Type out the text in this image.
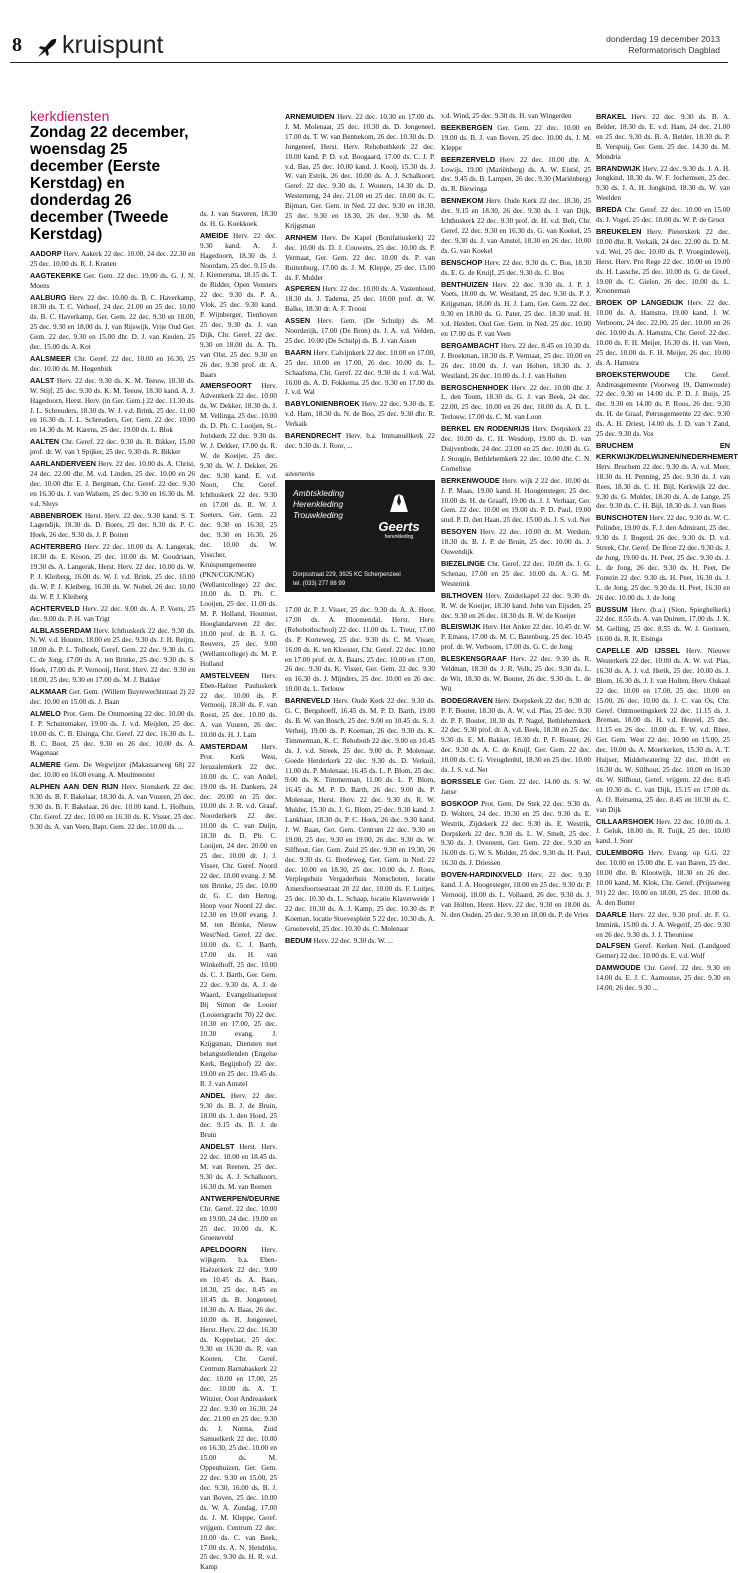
8 kruispunt	donderdag 19 december 2013
Reformatorisch Dagblad
kerkdiensten
Zondag 22 december, woensdag 25 december (Eerste Kerstdag) en donderdag 26 december (Tweede Kerstdag)

AADORP Herv. Aakerk 22 dec. 10.00, 24 dec. 22.30 en 25 dec. 10.00 ds. R. J. Kranen

AAGTEKERKE Ger. Gem. 22 dec. 19.00 ds. G. J. N. Moens

AALBURG Herv. 22 dec. 10.00 ds. B. C. Haverkamp, 18.30 ds. T. C. Verhoef, 24 dec. 21.00 en 25 dec. 10.00 ds. B. C. Haverkamp, Ger. Gem. 22 dec. 9.30 en 18.00, 25 dec. 9.30 en 18.00 ds. J. van Rijswijk, Vrije Oud Ger. Gem. 22 dec. 9.30 en 15.00 dhr. D. J. van Keulen, 25 dec. 15.00 ds. A. Kot

AALSMEER Chr. Geref. 22 dec. 10.00 en 16.30, 25 dec. 10.00 ds. M. Hogenbirk

AALST Herv. 22 dec. 9.30 ds. K. M. Teeuw, 18.30 ds. W. Stijf, 25 dec. 9.30 ds. K. M. Teeuw, 18.30 kand. A. J. Hagedoorn, Herst. Herv. (in Ger. Gem.) 22 dec. 11.30 ds. J. L. Schreuders, 18.30 ds. W. J. v.d. Brink, 25 dec. 11.00 en 16.30 ds. J. L. Schreuders, Ger. Gem. 22 dec. 10.00 en 14.30 ds. M. Karens, 25 dec. 19.00 ds. L. Blok

AALTEN Chr. Geref. 22 dec. 9.30 ds. R. Bikker, 15.00 prof. dr. W. van 't Spijker, 25 dec. 9.30 ds. R. Bikker

AARLANDERVEEN Herv. 22 dec. 10.00 ds. A. Christ, 24 dec. 22.00 dhr. M. v.d. Linden, 25 dec. 10.00 en 26 dec. 10.00 dhr. E. J. Bergman, Chr. Geref. 22 dec. 9.30 en 16.30 ds. J. van Walsem, 25 dec. 9.30 en 16.30 ds. M. v.d. Sluys

ABBENBROEK Herst. Herv. 22 dec. 9.30 kand. S. T. Lagendijk, 18.30 ds. D. Boers, 25 dec. 9.30 ds. P. C. Hoek, 26 dec. 9.30 ds. J. P. Boiten

ACHTERBERG Herv. 22 dec. 10.00 ds. A. Langerak, 18.30 ds. E. Kroon, 25 dec. 10.00 ds. M. Goudriaan, 19.30 ds. A. Langerak, Herst. Herv. 22 dec. 10.00 ds. W. P. J. Kleiberg, 16.00 ds. W. J. v.d. Brink, 25 dec. 10.00 ds. W. P. J. Kleiberg, 16.30 ds. W. Nobel, 26 dec. 10.00 ds. W. P. J. Kleiberg

ACHTERVELD Herv. 22 dec. 9.00 ds. A. P. Voets, 25 dec. 9.00 ds. P. H. van Trigt

ALBLASSERDAM Herv. Ichthuskerk 22 dec. 9.30 ds. N. W. v.d. Houten, 18.00 en 25 dec. 9.30 ds. J. H. Reijm, 18.00 ds. P. L. Tolhoek, Geref. Gem. 22 dec. 9.30 ds. G. C. de Jong, 17.00 ds. A. ten Brinke, 25 dec. 9.30 ds. S. Hoek, 17.00 ds. P. Vernooij, Herst. Herv. 22 dec. 9.30 en 18.00, 25 dec. 9.30 en 17.00 ds. M. J. Bakker

ALKMAAR Ger. Gem. (Willem Buytewechtstraat 2) 22 dec. 10.00 en 15.00 ds. J. Baan

ALMELO Prot. Gem. De Ontmoeting 22 dec. 10.00 ds. J. P. Schuitemaker, 19.00 ds. J. v.d. Meijden, 25 dec. 10.00 ds. C. B. Elsinga, Chr. Geref. 22 dec. 16.30 ds. L. B. C. Boot, 25 dec. 9.30 en 26 dec. 10.00 ds. A. Wagenaar

ALMERE Gem. De Wegwijzer (Makassarweg 68) 22 dec. 10.00 en 16.00 evang. A. Meulmeester

ALPHEN AAN DEN RIJN Herv. Sionskerk 22 dec. 9.30 ds. B. F. Bakelaar, 18.30 ds. A. van Vuuren, 25 dec. 9.30 ds. B. F. Bakelaar, 26 dec. 10.00 kand. L. Hofhuis, Chr. Geref. 22 dec. 10.00 en 16.30 ds. K. Visser, 25 dec. 9.30 ds. A. van Veen, Bapt. Gem. 22 dec. 10.00 ds. ...

ds. J. van Staveren, 18.30 ds. H. G. Koekkoek

AMEIDE Herv. 22 dec. 9.30 kand. A. J. Hagedoorn, 18.30 ds. J. Noordam, 25 dec. 9.15 ds. J. Kiemersma, 18.15 ds. T. de Ridder, Open Vensters 22 dec. 9.30 ds. P. A. Vlok, 25 dec. 9.30 kand. P. Wijnberger, Tienhoven 25 dec. 9.30 ds. J. van Dijk, Chr. Geref. 22 dec. 9.30 en 18.00 ds. A. Th. van Olst, 25 dec. 9.30 en 26 dec. 9.30 prof. dr. A. Baars

AMERSFOORT Herv. Adventkerk 22 dec. 10.00 ds. W. Dekker, 18.30 ds. J. M. Vellinga, 25 dec. 10.00 ds. D. Ph. C. Looijen, St.-Joriskerk 22 dec. 9.30 ds. W. J. Dekker, 17.00 ds. R. W. de Koeijer, 25 dec. 9.30 ds. W. J. Dekker, 26 dec. 9.30 kand. E. v.d. Noort, Chr. Geref. Ichthuskerk 22 dec. 9.30 en 17.00 ds. R. W. J. Soeters, Ger. Gem. 22 dec. 9.30 en 16.30, 25 dec. 9.30 en 16.30, 26 dec. 10.00 ds. W. Visscher, Kruispuntgemeente (PKN/CGK/NGK) (Wellantcollege) 22 dec. 10.00 ds. D. Ph. C. Looijen, 25 dec. 11.00 ds. M. P. Holland, Houtrust, Hooglandarveen 22 dec. 10.00 prof. dr. B. J. G. Reuvers, 25 dec. 9.00 (Wellantcollege) ds. M. P. Holland

AMSTELVEEN Herv. Eben-Haëzer Pauluskerk 22 dec. 10.00 ds. P. Vernooij, 18.30 ds. F. van Roest, 25 dec. 10.00 ds. A. van Vuuren, 26 dec. 10.00 ds. H. J. Lam

AMSTERDAM Herv. Prot. Kerk West, Jeruzalemkerk 22 dec. 10.00 ds. C. van Andel, 19.00 ds. H. Dankers, 24 dec. 20.00 en 25 dec. 10.00 ds. J. R. v.d. Graaf, Noorderkerk 22 dec. 10.00 ds. C. van Duijn, 18.30 ds. D. Ph. C. Looijen, 24 dec. 20.00 en 25 dec. 10.00 dr. J. J. Visser, Chr. Geref. Noord 22 dec. 10.00 evang. J. M. ten Brinke, 25 dec. 10.00 dr. G. C. den Hertog, Hoop voor Noord 22 dec. 12.30 en 19.00 evang. J. M. ten Brinke, Nieuw West/Ned. Geref. 22 dec. 10.00 ds. C. J. Barth, 17.00 ds. H. van Winkelhoff, 25 dec. 10.00 ds. C. J. Barth, Ger. Gem. 22 dec. 9.30 ds. A. J. de Waard, Evangelisatiepost Bij Simon de Looier (Looiersgracht 70) 22 dec. 10.30 en 17.00, 25 dec. 10.30 evang. J. Krijgsman, Diensten met belangstellenden (Engelse Kerk, Begijnhof) 22 dec. 19.00 en 25 dec. 19.45 ds. R. J. van Amstel

ANDEL Herv. 22 dec. 9.30 ds. B. J. de Bruin, 18.00 ds. J. den Hoed, 25 dec. 9.15 ds. B. J. de Bruin

ANDELST Herst. Herv. 22 dec. 10.00 en 18.45 ds. M. van Reenen, 25 dec. 9.30 ds. A. J. Schalkoort, 16.30 ds. M. van Reenen

ANTWERPEN/DEURNE Chr. Geref. 22 dec. 10.00 en 19.00, 24 dec. 19.00 en 25 dec. 10.00 ds. K. Groeneveld

APELDOORN Herv. wijkgem. b.a. Eben-Haëzerkerk 22 dec. 9.00 en 10.45 ds. A. Baas, 18.30, 25 dec. 8.45 en 10.45 ds. B. Jongeneel, 18.30 ds. A. Baas, 26 dec. 10.00 ds. B. Jongeneel, Herst. Herv. 22 dec. 16.30 ds. Koppelaar, 25 dec. 9.30 en 16.30 ds. R. van Kooten, Chr. Geref. Centrum Barnabaskerk 22 dec. 10.00 en 17.00, 25 dec. 10.00 ds. A. T. Witzier, Oost Andreaskerk 22 dec. 9.30 en 16.30, 24 dec. 21.00 en 25 dec. 9.30 ds. J. Nutma, Zuid Samuelkerk 22 dec. 10.00 en 16.30, 25 dec. 10.00 en 15.00 ds. M. Oppenhuizen, Ger. Gem. 22 dec. 9.30 en 15.00, 25 dec. 9.30, 16.00 ds. B. J. van Boven, 25 dec. 10.00 ds. W. A. Zondag, 17.00 ds. J. M. Kleppe, Geref. vrijgem. Centrum 22 dec. 10.00 ds. C. van Beek, 17.00 ds. A. N. Hendriks, 25 dec. 9.30 ds. H. R. v.d. Kamp

ARNEMUIDEN Herv. 22 dec. 10.30 en 17.00 ds. J. M. Molenaar, 25 dec. 10.30 ds. D. Jongeneel, 17.00 ds. T. W. van Bennekom, 26 dec. 10.30 ds. D. Jongeneel, Herst. Herv. Rehobothkerk 22 dec. 10.00 kand. P. D. v.d. Boogaard, 17.00 ds. C. J. P. v.d. Bas, 25 dec. 10.00 kand. J. Kooij, 15.30 ds. J. W. van Estrik, 26 dec. 10.00 ds. A. J. Schalkoort, Geref. 22 dec. 9.30 ds. J. Wouters, 14.30 ds. D. Westerneng, 24 dec. 21.00 en 25 dec. 10.00 ds. C. Bijman, Ger. Gem. in Ned. 22 dec. 9.30 en 18.30, 25 dec. 9.30 en 18.30, 26 dec. 9.30 ds. M. Krijgsman

ARNHEM Herv. De Kapel (Bonifatiuskerk) 22 dec. 10.00 ds. D. J. Couwens, 25 dec. 10.00 ds. P. Vermaat, Ger. Gem. 22 dec. 10.00 ds. P. van Ruitenburg, 17.00 ds. J. M. Kleppe, 25 dec. 15.00 ds. F. Mulder

ASPEREN Herv. 22 dec. 10.00 ds. A. Vastenhoud, 18.30 ds. J. Tadema, 25 dec. 10.00 prof. dr. W. Balke, 18.30 dr. A. F. Troost

ASSEN Herv. Gem. (De Schulp) ds. M. Noorderijk, 17.00 (De Bron) ds. J. A. v.d. Velden, 25 dec. 10.00 (De Schulp) ds. B. J. van Assen

BAARN Herv. Calvijnkerk 22 dec. 10.00 en 17.00, 25 dec. 10.00 en 17.00, 26 dec. 10.00 ds. L. Schaafsma, Chr. Geref. 22 dec. 9.30 ds. J. v.d. Wal, 16.00 ds. A. D. Fokkema, 25 dec. 9.30 en 17.00 ds. J. v.d. Wal

BABYLONIENBROEK Herv. 22 dec. 9.30 ds. E. v.d. Ham, 18.30 ds. N. de Boo, 25 dec. 9.30 dhr. R. Verkaik

BARENDRECHT Herv. b.a. Immanuëlkerk 22 dec. 9.30 ds. J. Roor, ...

advertentie
Ambtskleding
Herenkleding
Trouwkleding
Geerts
herenkleding
Dorpsstraat 229, 3925 KC Scherpenzeel
tel. (033) 277 88 99

17.00 dr. P. J. Visser, 25 dec. 9.30 ds. A. A. Hoor, 17.00 ds. A. Bloemendal, Herst. Herv. (Rehobothschool) 22 dec. 11.00 ds. L. Treur, 17.00 ds. P. Korteweg, 25 dec. 9.30 ds. C. M. Visser, 16.00 ds. K. ten Klooster, Chr. Geref. 22 dec. 10.00 en 17.00 prof. dr. A. Baars, 25 dec. 10.00 en 17.00, 26 dec. 9.30 ds. K. Visser, Ger. Gem. 22 dec. 9.30 en 16.30 ds. J. Mijnders, 25 dec. 10.00 en 26 dec. 10.00 ds. L. Terlouw

BARNEVELD Herv. Oude Kerk 22 dec. 9.30 ds. G. C. Bergshoeff, 16.45 ds. M. P. D. Barth, 19.00 ds. B. W. van Bosch, 25 dec. 9.00 en 10.45 ds. S. J. Verheij, 19.00 ds. P. Koeman, 26 dec. 9.30 ds. K. Timmerman, K. C. Rehoboth 22 dec. 9.00 en 10.45 ds. J. v.d. Streek, 25 dec. 9.00 ds. P. Molenaar, Goede Herderkerk 22 dec. 9.30 ds. D. Verkuil, 11.00 ds. P. Molenaar, 16.45 ds. L. P. Blom, 25 dec. 9.00 ds. K. Timmerman, 11.00 ds. L. P. Blom, 16.45 ds. M. P. D. Barth, 26 dec. 9.00 ds. P. Molenaar, Herst. Herv. 22 dec. 9.30 ds. R. W. Mulder, 15.30 ds. J. G. Blom, 25 dec. 9.30 kand. J. Lankhaar, 18.30 ds. P. C. Hoek, 26 dec. 9.30 kand. J. W. Baan, Ger. Gem. Centrum 22 dec. 9.30 en 19.00, 25 dec. 9.30 en 19.00, 26 dec. 9.30 ds. W. Silfhout, Ger. Gem. Zuid 25 dec. 9.30 en 19.30, 26 dec. 9.30 ds. G. Bredeweg, Ger. Gem. in Ned. 22 dec. 10.00 en 18.30, 25 dec. 10.00 ds. J. Roos, Verplegehuis Vergaderhuis Nonschoten, locatie Amersfoortsestraat 20 22 dec. 10.00 ds. F. Luitjes, 25 dec. 10.30 ds. L. Schaap, locatie Klaverweide 1 22 dec. 10.30 ds. A. J. Kamp, 25 dec. 10.30 ds. P. Koeman, locatie Stoevesplein 5 22 dec. 10.30 ds. A. Groeneveld, 25 dec. 10.30 ds. C. Molenaar

BEDUM Herv. 22 dec. 9.30 ds. W. ...

v.d. Wind, 25 dec. 9.30 ds. H. van Wingerden

BEEKBERGEN Ger. Gem. 22 dec. 10.00 en 19.00 ds. B. J. van Boven, 25 dec. 10.00 ds. J. M. Kleppe

BEERZERVELD Herv. 22 dec. 10.00 dhr. A. Lowijs, 19.00 (Mariënberg) ds. A. W. Eistié, 25 dec. 9.45 ds. B. Lampen, 26 dec. 9.30 (Mariënberg) ds. R. Biewinga

BENNEKOM Herv. Oude Kerk 22 dec. 18.30, 25 dec. 9.15 en 18.30, 26 dec. 9.30 ds. J. van Dijk, Ichthuskerk 22 dec. 9.30 prof. dr. H. v.d. Belt, Chr. Geref. 22 dec. 9.30 en 16.30 ds. G. van Koekel, 25 dec. 9.30 ds. J. van Amstel, 18.30 en 26 dec. 10.00 ds. G. van Koekel

BENSCHOP Herv. 22 dec. 9.30 ds. C. Bos, 18.30 ds. E. G. de Kruijf, 25 dec. 9.30 ds. C. Bos

BENTHUIZEN Herv. 22 dec. 9.30 ds. J. P. J. Voets, 18.00 ds. W. Westland, 25 dec. 9.30 ds. P. J. Krijgsman, 18.00 ds. H. J. Lam, Ger. Gem. 22 dec. 9.30 en 18.00 ds. G. Pater, 25 dec. 18.30 stud. H. v.d. Heiden, Oud Ger. Gem. in Ned. 25 dec. 10.00 en 17.00 ds. P. van Veen

BERGAMBACHT Herv. 22 dec. 8.45 en 10.30 ds. J. Broekman, 18.30 ds. P. Vermaat, 25 dec. 10.00 en 26 dec. 10.00 ds. J. van Holten, 18.30 ds. J. Westland, 26 dec. 10.00 ds. J. J. van Holten

BERGSCHENHOEK Herv. 22 dec. 10.00 dhr. J. L. den Toom, 18.30 ds. G. J. van Beek, 24 dec. 22.00, 25 dec. 10.00 en 26 dec. 10.00 ds. A. D. L. Terlouw, 17.00 ds. C. M. van Loon

BERKEL EN RODENRIJS Herv. Dorpskerk 22 dec. 10.00 ds. C. H. Wesdorp, 19.00 ds. D. van Duijvenbode, 24 dec. 23.00 en 25 dec. 10.00 ds. G. J. Stougie, Bethlehemkerk 22 dec. 10.00 dhr. C. N. Cornelisse

BERKENWOUDE Herv. wijk 2 22 dec. 10.00 ds. J. P. Maas, 19.00 kand. H. Hoogensteger, 25 dec. 10.00 ds. H. de Graaff, 19.00 ds. J. J. Verhaar, Ger. Gem. 22 dec. 10.00 en 19.00 ds. P. D. Paul, 19.00 stud. P. D. den Haan, 25 dec. 15.00 ds. J. S. v.d. Net

BESOYEN Herv. 22 dec. 10.00 dr. M. Verduin, 18.30 ds. B. J. P. de Bruin, 25 dec. 10.00 ds. J. Ouwendijk

BIEZELINGE Chr. Geref. 22 dec. 10.00 ds. J. G. Schenau, 17.00 en 25 dec. 10.00 ds. A. G. M. Westerink

BILTHOVEN Herv. Zuiderkapel 22 dec. 9.30 ds. R. W. de Koeijer, 18.30 kand. John van Eijsden, 25 dec. 9.30 en 26 dec. 18.30 ds. R. W. de Koeijer

BLEISWIJK Herv. Het Anker 22 dec. 10.45 dr. W. P. Emaus, 17.00 ds. M. C. Batenburg, 25 dec. 10.45 prof. dr. W. Verboom, 17.00 ds. G. C. de Jong

BLESKENSGRAAF Herv. 22 dec. 9.30 ds. R. Veldman, 18.30 ds. J. R. Volk, 25 dec. 9.30 ds. L. de Wit, 18.30 ds. W. Bouter, 26 dec. 9.30 ds. L. de Wit

BODEGRAVEN Herv. Dorpskerk 22 dec. 9.30 dr. P. F. Bouter, 18.30 ds. A. W. v.d. Plas, 25 dec. 9.30 dr. P. F. Bouter, 18.30 ds. P. Nagel, Bethlehemkerk 22 dec. 9.30 prof. dr. A. v.d. Beek, 18.30 en 25 dec. 9.30 ds. E. M. Bakker, 18.30 dr. P. F. Bouter, 26 dec. 9.30 ds. A. C. de Kruijf, Ger. Gem. 22 dec. 10.00 ds. C. G. Vreugdenhil, 18.30 en 25 dec. 10.00 ds. J. S. v.d. Net

BORSSELE Ger. Gem. 22 dec. 14.00 ds. S. W. Janse

BOSKOOP Prot. Gem. De Stek 22 dec. 9.30 ds. D. Wolters, 24 dec. 19.30 en 25 dec. 9.30 ds. E. Westrik, Zijdekerk 22 dec. 9.30 ds. E. Westrik, Dorpskerk 22 dec. 9.30 ds. L. W. Smelt, 25 dec. 9.30 ds. J. Overeem, Ger. Gem. 22 dec. 9.30 en 16.00 ds. G. W. S. Mulder, 25 dec. 9.30 ds. H. Paul, 16.30 ds. J. Driessen

BOVEN-HARDINXVELD Herv. 22 dec. 9.30 kand. J. A. Hoogesteger, 18.00 en 25 dec. 9.30 dr. P. Vernooij, 18.00 ds. L. Vollaard, 26 dec. 9.30 ds. J. van Holten, Herst. Herv. 22 dec. 9.30 en 18.00 ds. N. den Ouden, 25 dec. 9.30 en 18.00 ds. P. de Vries

BRAKEL Herv. 22 dec. 9.30 ds. B. A. Belder, 18.30 ds. E. v.d. Ham, 24 dec. 21.00 en 25 dec. 9.30 ds. B. A. Belder, 18.30 ds. P. B. Verspuij, Ger. Gem. 25 dec. 14.30 ds. M. Mondria

BRANDWIJK Herv. 22 dec. 9.30 ds. J. A. H. Jongkind, 18.30 ds. W. F. Jochemsen, 25 dec. 9.30 ds. J. A. H. Jongkind, 18.30 ds. W. van Weelden

BREDA Chr. Geref. 22 dec. 10.00 en 15.00 ds. J. Vogel, 25 dec. 10.00 ds. W. P. de Groot

BREUKELEN Herv. Pieterskerk 22 dec. 10.00 dhr. R. Verkaik, 24 dec. 22.00 ds. D. M. v.d. Wel, 25 dec. 10.00 ds. P. Vroegindeweij, Herst. Herv. Pro Rege 22 dec. 10.00 en 19.00 ds. H. Lassche, 25 dec. 10.00 ds. G. de Greef, 19.00 ds. C. Gielen, 26 dec. 10.00 ds. L. Krooneman

BROEK OP LANGEDIJK Herv. 22 dec. 10.00 ds. A. Hamstra, 19.00 kand. J. W. Verboom, 24 dec. 22.00, 25 dec. 10.00 en 26 dec. 10.00 ds. A. Hamstra, Chr. Geref. 22 dec. 10.00 ds. F. H. Meijer, 16.30 ds. H. van Veen, 25 dec. 10.00 ds. F. H. Meijer, 26 dec. 10.00 ds. A. Hamstra

BROEKSTERWOUDE Chr. Geref. Andreasgemeente (Voorweg 19, Damwoude) 22 dec. 9.30 en 14.00 ds. P. D. J. Buijs, 25 dec. 9.30 en 14.00 ds. P. Roos, 26 dec. 9.30 ds. H. de Graaf, Petrusgemeente 22 dec. 9.30 ds. A. H. Driest, 14.00 ds. J. D. van 't Zand, 25 dec. 9.30 ds. Vos

BRUCHEM EN KERKWIJK/DELWIJNEN/NEDERHEMERT Herv. Bruchem 22 dec. 9.30 ds. A. v.d. Meer, 18.30 ds. H. Penning, 25 dec. 9.30 ds. J. van Rees, 18.30 ds. C. H. Bijl, Kerkwijk 22 dec. 9.30 ds. G. Mulder, 18.30 ds. A. de Lange, 25 dec. 9.30 ds. C. H. Bijl, 18.30 ds. J. van Rees

BUNSCHOTEN Herv. 22 dec. 9.30 ds. W. C. Polinder, 19.00 ds. F. J. den Admirant, 25 dec. 9.30 ds. J. Bogerd, 26 dec. 9.30 ds. D. v.d. Streek, Chr. Geref. De Bron 22 dec. 9.30 ds. J. de Jong, 19.00 ds. H. Peet, 25 dec. 9.30 ds. J. L. de Jong, 26 dec. 9.30 ds. H. Peet, De Fontein 22 dec. 9.30 ds. H. Peet, 16.30 ds. J. L. de Jong, 25 dec. 9.30 ds. H. Peet, 16.30 en 26 dec. 10.00 ds. J. de Jong

BUSSUM Herv. (b.a.) (Sion, Spieghelkerk) 22 dec. 8.55 ds. A. van Duinen, 17.00 ds. J. K. M. Gelling, 25 dec. 8.55 ds. W. J. Gorissen, 16.00 ds. R. R. Eisinga

CAPELLE A/D IJSSEL Herv. Nieuwe Westerkerk 22 dec. 10.00 ds. A. W. v.d. Plas, 16.30 ds. A. J. v.d. Herik, 25 dec. 10.00 ds. J. Blom, 16.30 ds. J. J. van Holten, Herv. Oukaal 22 dec. 10.00 en 17.00, 25 dec. 10.00 en 15.00, 26 dec. 10.00 ds. J. C. van Os, Chr. Geref. Ontmoetingskerk 22 dec. 11.15 ds. J. Breman, 18.00 ds. H. v.d. Heuvel, 25 dec. 11.15 en 26 dec. 10.00 ds. F. W. v.d. Rhee, Ger. Gem. West 22 dec. 10.00 en 15.00, 25 dec. 10.00 ds. A. Moerkerken, 15.30 ds. A. T. Huijser, Middelwatering 22 dec. 10.00 en 16.30 ds. W. Silfhout, 25 dec. 10.00 en 16.30 ds. W. Silfhout, Geref. vrijgem. 22 dec. 8.45 en 10.30 ds. C. van Dijk, 15.15 en 17.00 ds. A. O. Reitsema, 25 dec. 8.45 en 10.30 ds. C. van Dijk

CILLAARSHOEK Herv. 22 dec. 10.00 ds. J. J. Geluk, 18.00 ds. R. Tuijk, 25 dec. 10.00 kand. J. Soer

CULEMBORG Herv. Evang. op G.G. 22 dec. 10.00 en 15.00 dhr. E. van Baren, 25 dec. 10.00 dhr. B. Klootwijk, 18.30 en 26 dec. 10.00 kand. M. Klok, Chr. Geref. (Prijsseweg 91) 22 dec. 10.00 en 18.00, 25 dec. 10.00 ds. A. den Butter

DAARLE Herv. 22 dec. 9.30 prof. dr. F. G. Immink, 15.00 ds. J. A. Wegerif, 25 dec. 9.30 en 26 dec. 9.30 ds. J. J. Theunisse

DALFSEN Geref. Kerken Ned. (Landgoed Gerner) 22 dec. 10.00 ds. E. v.d. Wolf

DAMWOUDE Chr. Geref. 22 dec. 9.30 en 14.00 ds. E. J. C. Aarnoutse, 25 dec. 9.30 en 14.00, 26 dec. 9.30 ...
